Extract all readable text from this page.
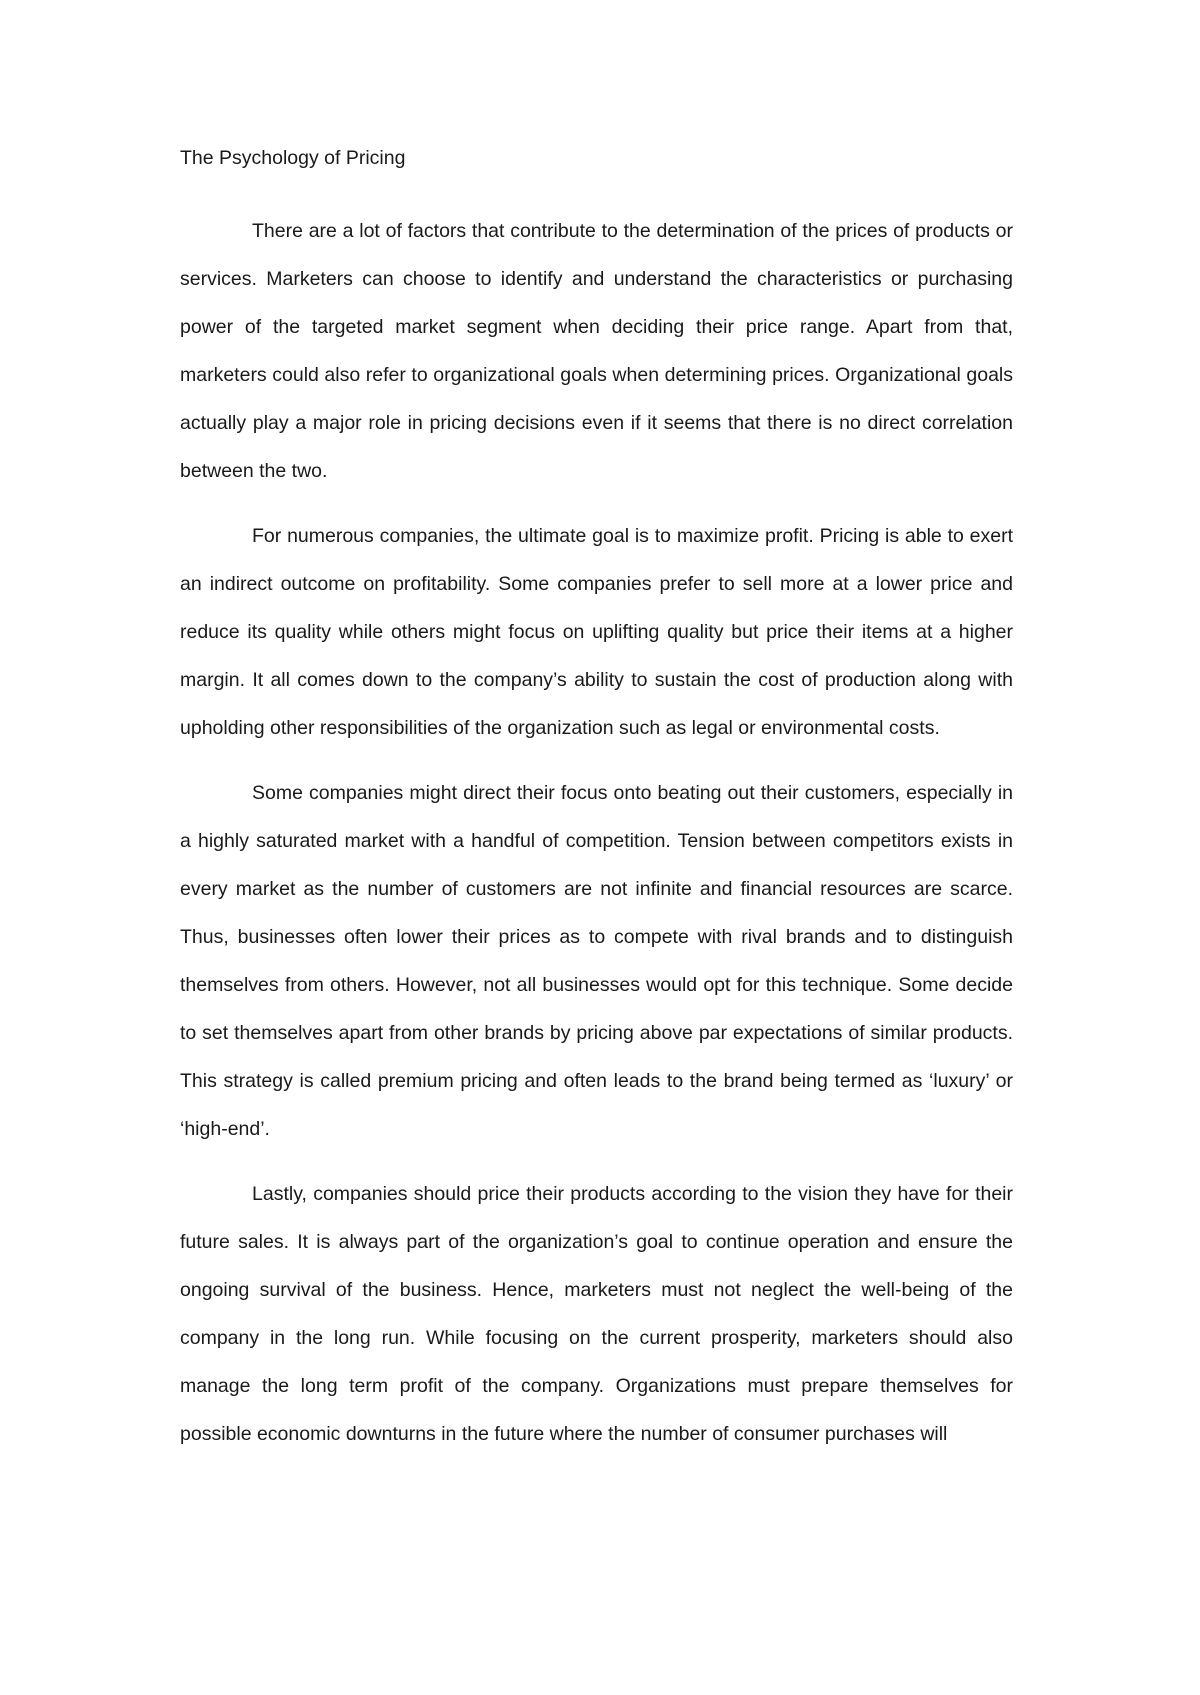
The Psychology of Pricing

There are a lot of factors that contribute to the determination of the prices of products or services. Marketers can choose to identify and understand the characteristics or purchasing power of the targeted market segment when deciding their price range. Apart from that, marketers could also refer to organizational goals when determining prices. Organizational goals actually play a major role in pricing decisions even if it seems that there is no direct correlation between the two.

For numerous companies, the ultimate goal is to maximize profit. Pricing is able to exert an indirect outcome on profitability. Some companies prefer to sell more at a lower price and reduce its quality while others might focus on uplifting quality but price their items at a higher margin. It all comes down to the company’s ability to sustain the cost of production along with upholding other responsibilities of the organization such as legal or environmental costs.

Some companies might direct their focus onto beating out their customers, especially in a highly saturated market with a handful of competition. Tension between competitors exists in every market as the number of customers are not infinite and financial resources are scarce. Thus, businesses often lower their prices as to compete with rival brands and to distinguish themselves from others. However, not all businesses would opt for this technique. Some decide to set themselves apart from other brands by pricing above par expectations of similar products. This strategy is called premium pricing and often leads to the brand being termed as ‘luxury’ or ‘high-end’.

Lastly, companies should price their products according to the vision they have for their future sales. It is always part of the organization’s goal to continue operation and ensure the ongoing survival of the business. Hence, marketers must not neglect the well-being of the company in the long run. While focusing on the current prosperity, marketers should also manage the long term profit of the company. Organizations must prepare themselves for possible economic downturns in the future where the number of consumer purchases will
